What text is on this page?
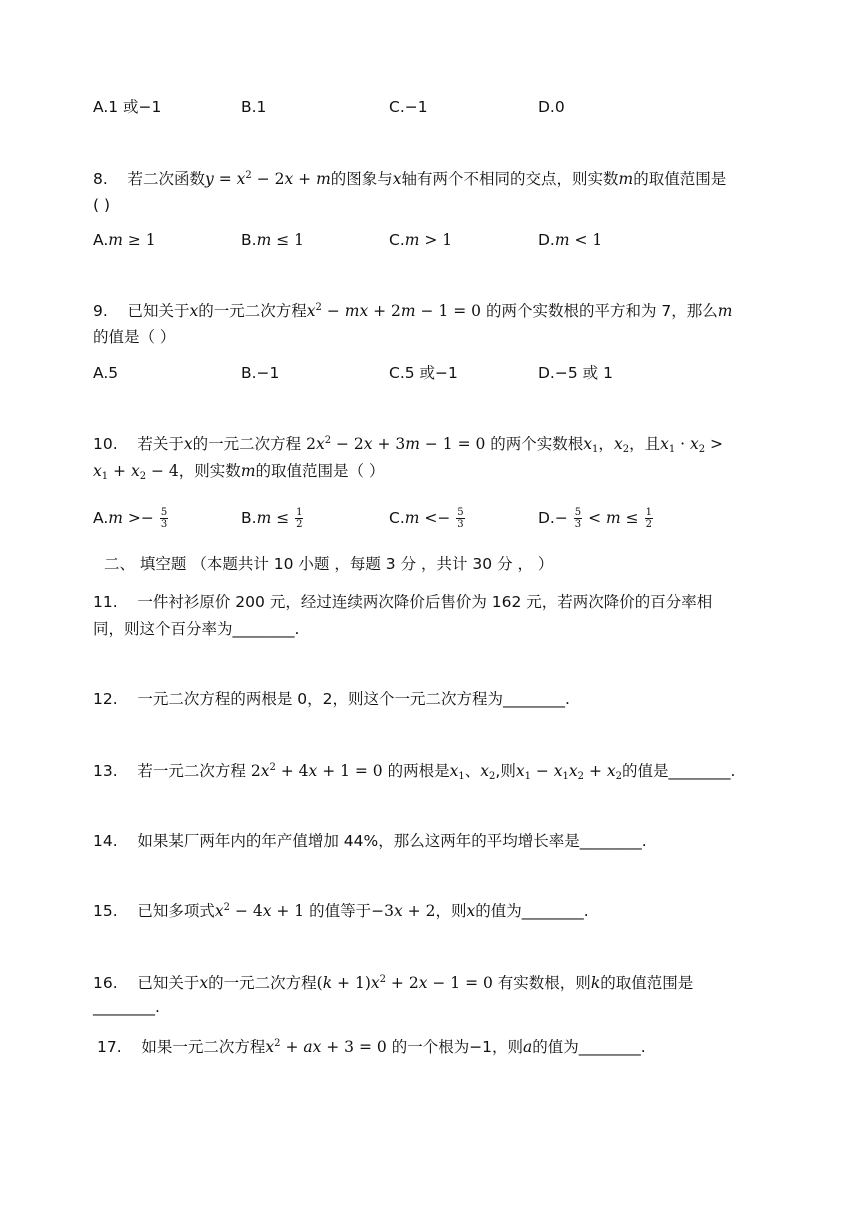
A.1 或−1	B.1	C.−1	D.0
8. 若二次函数$y = x^2 - 2x + m$的图象与x轴有两个不相同的交点，则实数m的取值范围是
( )
A.m ≥ 1	B.m ≤ 1	C.m > 1	D.m < 1
9. 已知关于x的一元二次方程$x^2$ − mx + 2m − 1 = 0 的两个实数根的平方和为 7，那么m
的值是（ ）
A.5	B.−1	C.5 或−1	D.−5 或 1
10. 若关于x的一元二次方程 $2x^2 - 2x + 3m - 1 = 0$ 的两个实数根$x_1$，$x_2$，且$x_1 \cdot x_2$ >
$x_1 + x_2 - 4$，则实数m的取值范围是（ ）
$A.m >- \frac{5}{3}$	$B.m \le \frac{1}{2}$	$C.m <- \frac{5}{3}$	$D.- \frac{5}{3} < m \le \frac{1}{2}$
二、 填空题 （本题共计 10 小题 ，每题 3 分 ，共计 30 分 ， ）
11. 一件衬衫原价 200 元，经过连续两次降价后售价为 162 元，若两次降价的百分率相
同，则这个百分率为________.
12. 一元二次方程的两根是 0，2，则这个一元二次方程为________.
13. 若一元二次方程 $2x^2 + 4x + 1 = 0$ 的两根是$x_1$、$x_2$,则$x_1 - x_1x_2 + x_2$的值是________.
14. 如果某厂两年内的年产值增加 44%，那么这两年的平均增长率是________.
15. 已知多项式$x^2 - 4x + 1$ 的值等于−3x + 2，则x的值为________.
16. 已知关于x的一元二次方程$(k + 1)x^2 + 2x - 1 = 0$ 有实数根，则k的取值范围是
________.
17. 如果一元二次方程$x^2$ + ax + 3 = 0 的一个根为−1，则a的值为________.
